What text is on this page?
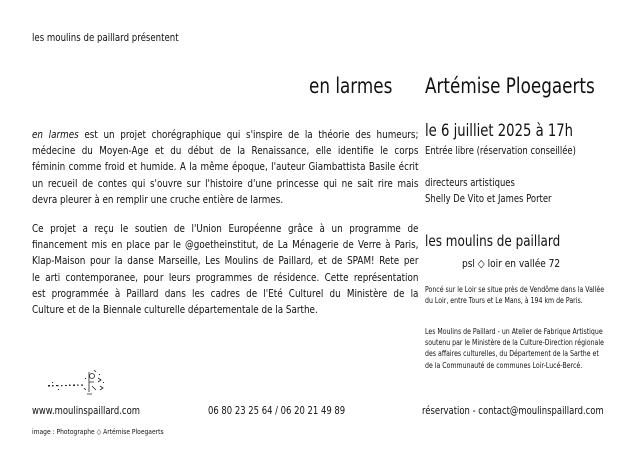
les moulins de paillard présentent
en larmes	Artémise Ploegaerts
en larmes est un projet chorégraphique qui s'inspire de la théorie des humeurs;
médecine du Moyen-Age et du début de la Renaissance, elle identifie le corps
féminin comme froid et humide. A la même époque, l'auteur Giambattista Basile écrit
un recueil de contes qui s'ouvre sur l'histoire d'une princesse qui ne sait rire mais
devra pleurer à en remplir une cruche entière de larmes.
Ce projet a reçu le soutien de l'Union Européenne grâce à un programme de
financement mis en place par le @goetheinstitut, de La Ménagerie de Verre à Paris,
Klap-Maison pour la danse Marseille, Les Moulins de Paillard, et de SPAM! Rete per
le arti contemporanee, pour leurs programmes de résidence. Cette représentation
est programmée à Paillard dans les cadres de l'Eté Culturel du Ministère de la
Culture et de la Biennale culturelle départementale de la Sarthe.
le 6 juilliet 2025 à 17h
Entrée libre (réservation conseillée)
directeurs artistiques
Shelly De Vito et James Porter
les moulins de paillard
psl ◇ loir en vallée 72
Poncé sur le Loir se situe près de Vendôme dans la Vallée
du Loir, entre Tours et Le Mans, à 194 km de Paris.
Les Moulins de Paillard - un Atelier de Fabrique Artistique
soutenu par le Ministère de la Culture-Direction régionale
des affaires culturelles, du Département de la Sarthe et
de la Communauté de communes Loir-Lucé-Bercé.
www.moulinspaillard.com	06 80 23 25 64 / 06 20 21 49 89	réservation - contact@moulinspaillard.com
image : Photographe ◇ Artémise Ploegaerts
